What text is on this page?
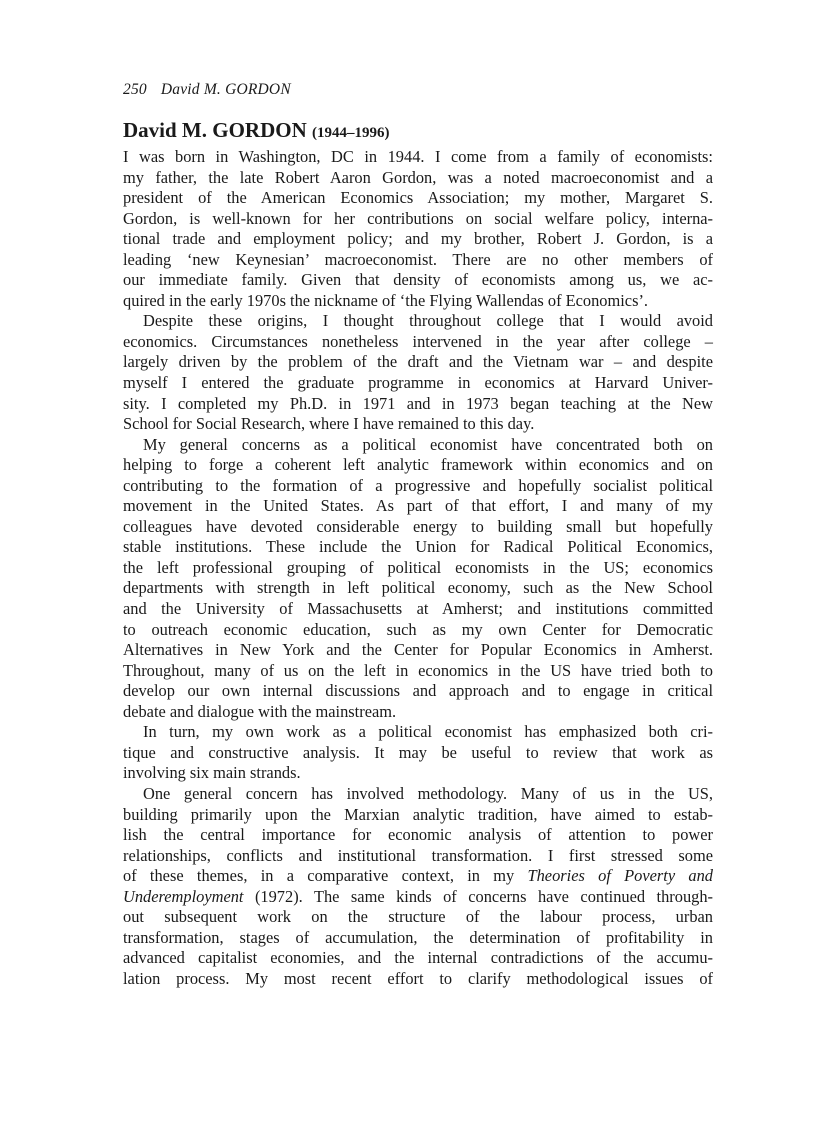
250 David M. GORDON
David M. GORDON (1944–1996)

I was born in Washington, DC in 1944. I come from a family of economists:
my father, the late Robert Aaron Gordon, was a noted macroeconomist and a
president of the American Economics Association; my mother, Margaret S.
Gordon, is well-known for her contributions on social welfare policy, interna-
tional trade and employment policy; and my brother, Robert J. Gordon, is a
leading ‘new Keynesian’ macroeconomist. There are no other members of
our immediate family. Given that density of economists among us, we ac-
quired in the early 1970s the nickname of ‘the Flying Wallendas of Economics’.

Despite these origins, I thought throughout college that I would avoid
economics. Circumstances nonetheless intervened in the year after college –
largely driven by the problem of the draft and the Vietnam war – and despite
myself I entered the graduate programme in economics at Harvard Univer-
sity. I completed my Ph.D. in 1971 and in 1973 began teaching at the New
School for Social Research, where I have remained to this day.

My general concerns as a political economist have concentrated both on
helping to forge a coherent left analytic framework within economics and on
contributing to the formation of a progressive and hopefully socialist political
movement in the United States. As part of that effort, I and many of my
colleagues have devoted considerable energy to building small but hopefully
stable institutions. These include the Union for Radical Political Economics,
the left professional grouping of political economists in the US; economics
departments with strength in left political economy, such as the New School
and the University of Massachusetts at Amherst; and institutions committed
to outreach economic education, such as my own Center for Democratic
Alternatives in New York and the Center for Popular Economics in Amherst.
Throughout, many of us on the left in economics in the US have tried both to
develop our own internal discussions and approach and to engage in critical
debate and dialogue with the mainstream.

In turn, my own work as a political economist has emphasized both cri-
tique and constructive analysis. It may be useful to review that work as
involving six main strands.

One general concern has involved methodology. Many of us in the US,
building primarily upon the Marxian analytic tradition, have aimed to estab-
lish the central importance for economic analysis of attention to power
relationships, conflicts and institutional transformation. I first stressed some
of these themes, in a comparative context, in my Theories of Poverty and
Underemployment (1972). The same kinds of concerns have continued through-
out subsequent work on the structure of the labour process, urban
transformation, stages of accumulation, the determination of profitability in
advanced capitalist economies, and the internal contradictions of the accumu-
lation process. My most recent effort to clarify methodological issues of
